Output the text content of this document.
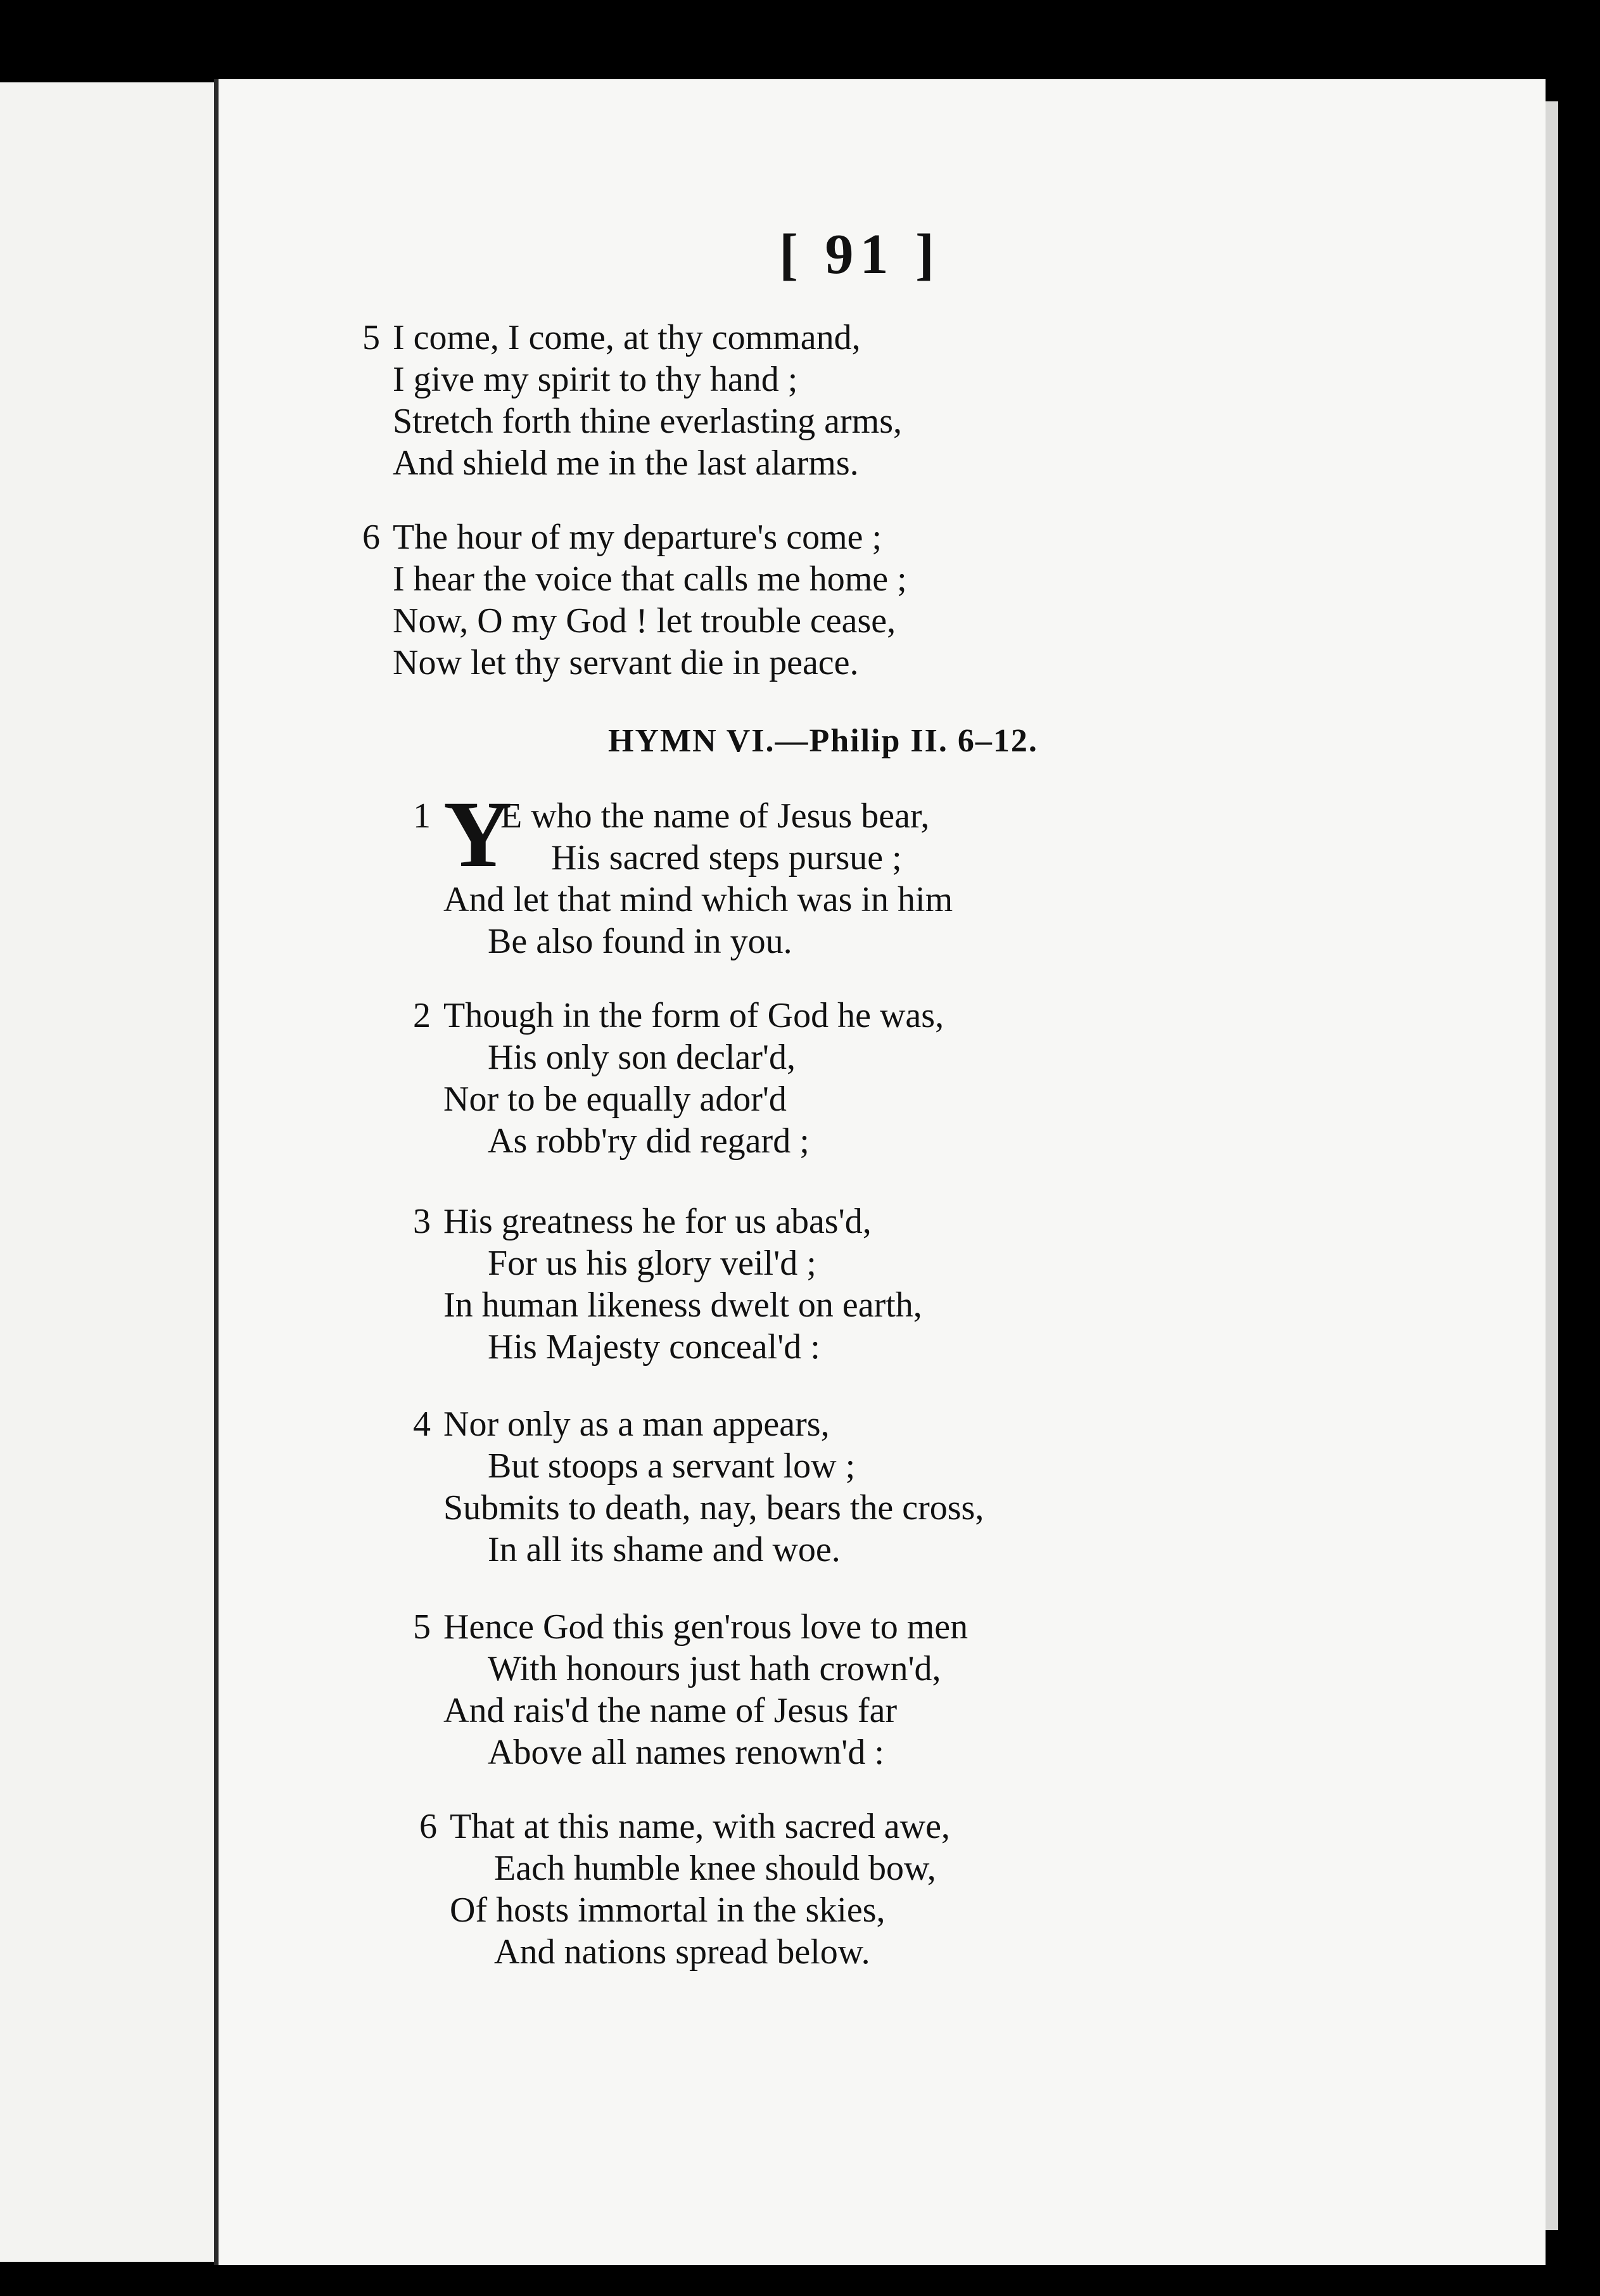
[ 91 ]
5 I come, I come, at thy command,
I give my spirit to thy hand ;
Stretch forth thine everlasting arms,
And shield me in the last alarms.
6 The hour of my departure's come ;
I hear the voice that calls me home ;
Now, O my God ! let trouble cease,
Now let thy servant die in peace.
HYMN VI.—Philip II. 6–12.
1 Y
E who the name of Jesus bear,
His sacred steps pursue ;
And let that mind which was in him
Be also found in you.
2 Though in the form of God he was,
His only son declar'd,
Nor to be equally ador'd
As robb'ry did regard ;
3 His greatness he for us abas'd,
For us his glory veil'd ;
In human likeness dwelt on earth,
His Majesty conceal'd :
4 Nor only as a man appears,
But stoops a servant low ;
Submits to death, nay, bears the cross,
In all its shame and woe.
5 Hence God this gen'rous love to men
With honours just hath crown'd,
And rais'd the name of Jesus far
Above all names renown'd :
6 That at this name, with sacred awe,
Each humble knee should bow,
Of hosts immortal in the skies,
And nations spread below.
